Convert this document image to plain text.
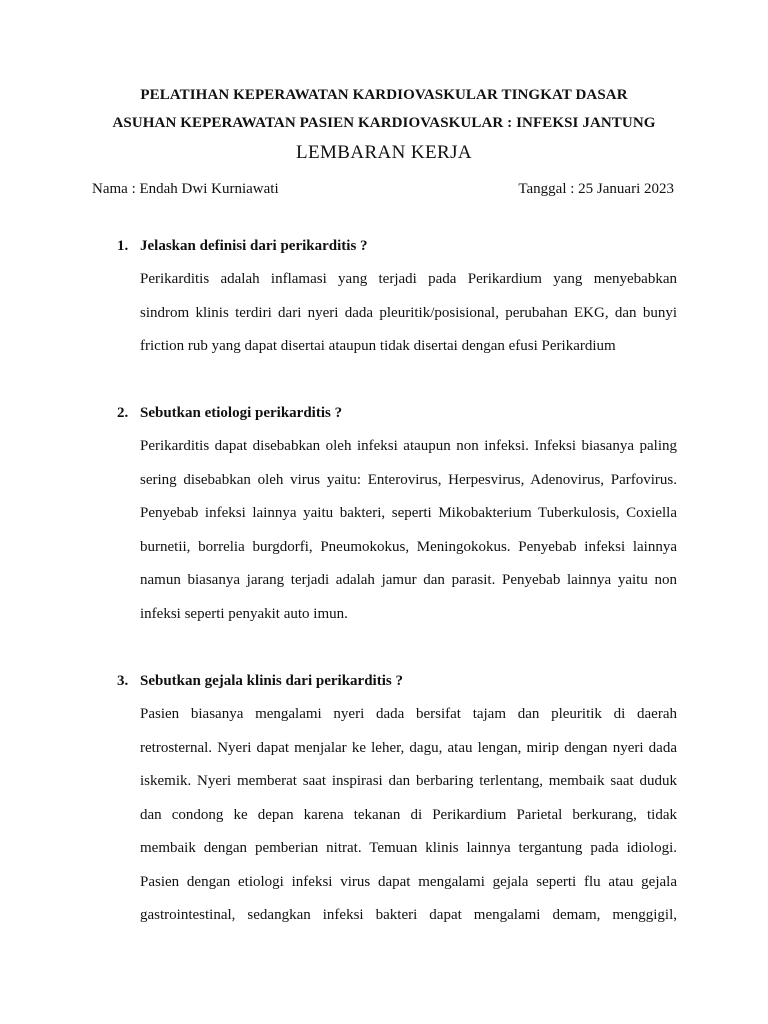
PELATIHAN KEPERAWATAN KARDIOVASKULAR TINGKAT DASAR
ASUHAN KEPERAWATAN PASIEN KARDIOVASKULAR : INFEKSI JANTUNG
LEMBARAN KERJA
Nama : Endah Dwi Kurniawati	Tanggal : 25 Januari 2023
1. Jelaskan definisi dari perikarditis ?
Perikarditis adalah inflamasi yang terjadi pada Perikardium yang menyebabkan
sindrom klinis terdiri dari nyeri dada pleuritik/posisional, perubahan EKG, dan bunyi
friction rub yang dapat disertai ataupun tidak disertai dengan efusi Perikardium
2. Sebutkan etiologi perikarditis ?
Perikarditis dapat disebabkan oleh infeksi ataupun non infeksi. Infeksi biasanya paling
sering disebabkan oleh virus yaitu: Enterovirus, Herpesvirus, Adenovirus, Parfovirus.
Penyebab infeksi lainnya yaitu bakteri, seperti Mikobakterium Tuberkulosis, Coxiella
burnetii, borrelia burgdorfi, Pneumokokus, Meningokokus. Penyebab infeksi lainnya
namun biasanya jarang terjadi adalah jamur dan parasit. Penyebab lainnya yaitu non
infeksi seperti penyakit auto imun.
3. Sebutkan gejala klinis dari perikarditis ?
Pasien biasanya mengalami nyeri dada bersifat tajam dan pleuritik di daerah
retrosternal. Nyeri dapat menjalar ke leher, dagu, atau lengan, mirip dengan nyeri dada
iskemik. Nyeri memberat saat inspirasi dan berbaring terlentang, membaik saat duduk
dan condong ke depan karena tekanan di Perikardium Parietal berkurang, tidak
membaik dengan pemberian nitrat. Temuan klinis lainnya tergantung pada idiologi.
Pasien dengan etiologi infeksi virus dapat mengalami gejala seperti flu atau gejala
gastrointestinal, sedangkan infeksi bakteri dapat mengalami demam, menggigil,
